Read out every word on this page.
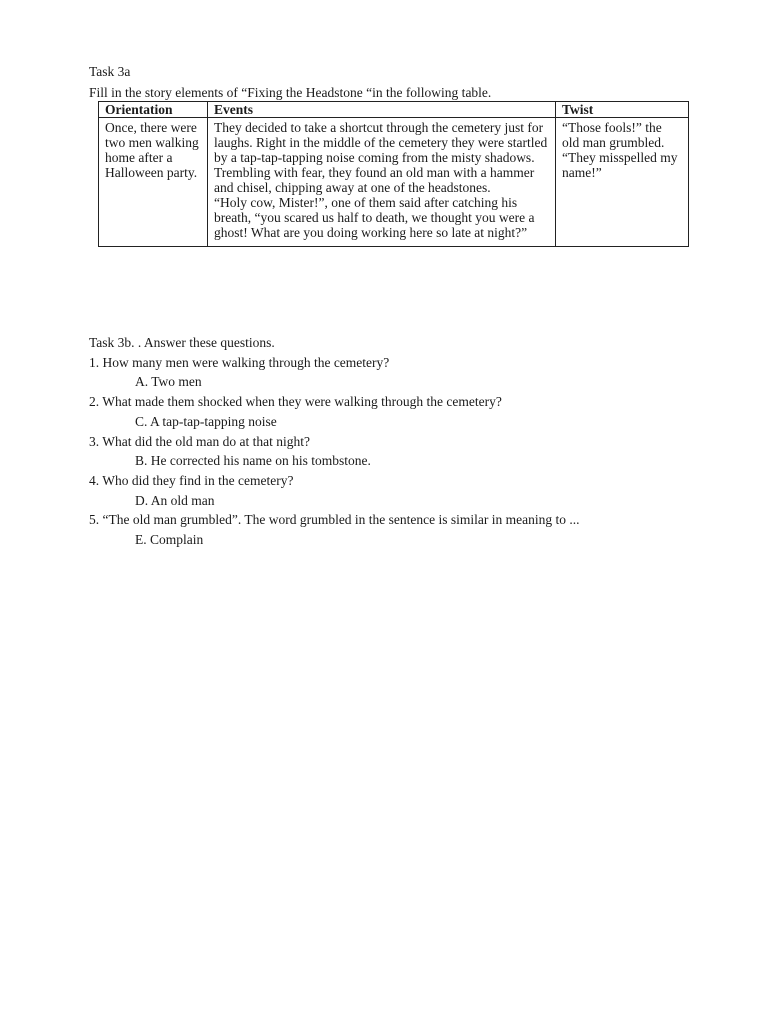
Task 3a
Fill in the story elements of “Fixing the Headstone “in the following table.
Orientation	Events	Twist
Once, there were two men walking home after a Halloween party.	They decided to take a shortcut through the cemetery just for laughs. Right in the middle of the cemetery they were startled by a tap-tap-tapping noise coming from the misty shadows.
Trembling with fear, they found an old man with a hammer and chisel, chipping away at one of the headstones.
“Holy cow, Mister!”, one of them said after catching his breath, “you scared us half to death, we thought you were a ghost! What are you doing working here so late at night?”	“Those fools!” the old man grumbled. “They misspelled my name!”
Task 3b. . Answer these questions.
1. How many men were walking through the cemetery?
A. Two men
2. What made them shocked when they were walking through the cemetery?
C. A tap-tap-tapping noise
3. What did the old man do at that night?
B. He corrected his name on his tombstone.
4. Who did they find in the cemetery?
D. An old man
5. “The old man grumbled”. The word grumbled in the sentence is similar in meaning to ...
E. Complain
